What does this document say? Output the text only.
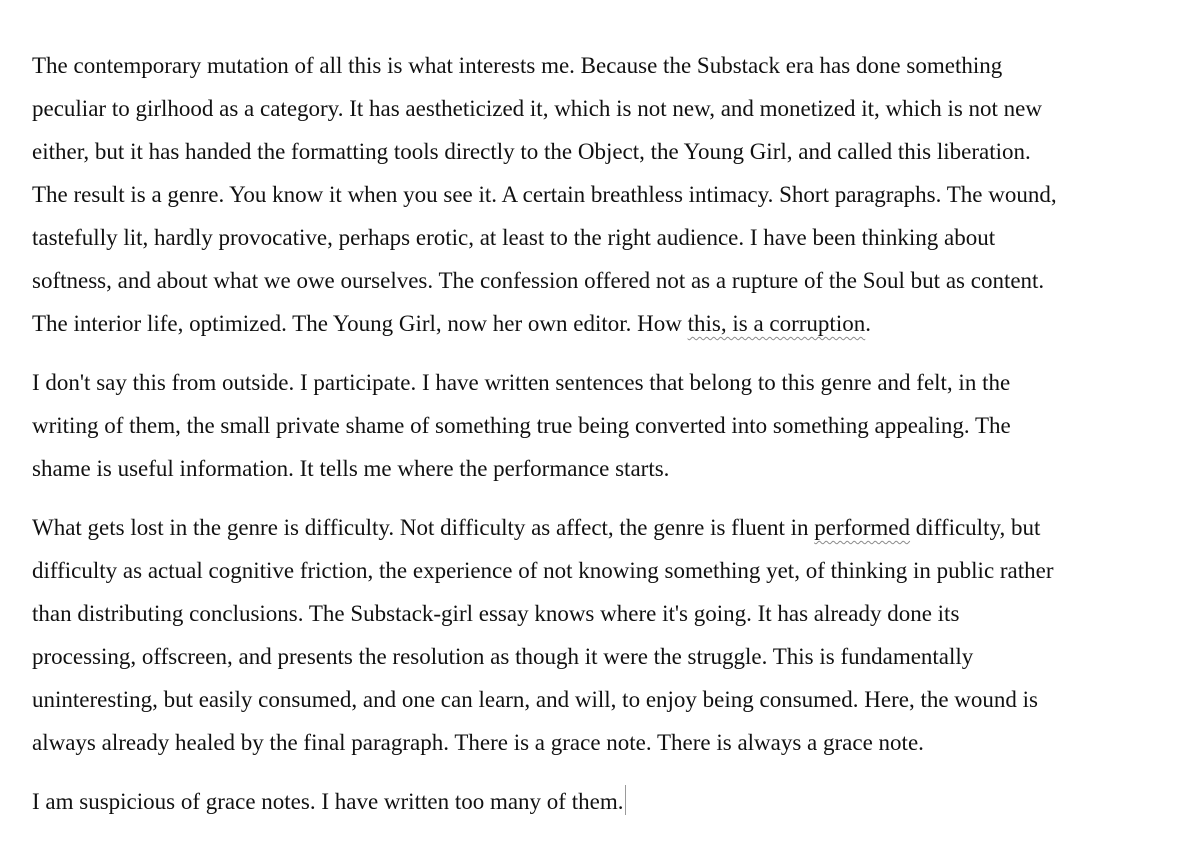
The contemporary mutation of all this is what interests me. Because the Substack era has done something
peculiar to girlhood as a category. It has aestheticized it, which is not new, and monetized it, which is not new
either, but it has handed the formatting tools directly to the Object, the Young Girl, and called this liberation.
The result is a genre. You know it when you see it. A certain breathless intimacy. Short paragraphs. The wound,
tastefully lit, hardly provocative, perhaps erotic, at least to the right audience. I have been thinking about
softness, and about what we owe ourselves. The confession offered not as a rupture of the Soul but as content.
The interior life, optimized. The Young Girl, now her own editor. How this, is a corruption.

I don't say this from outside. I participate. I have written sentences that belong to this genre and felt, in the
writing of them, the small private shame of something true being converted into something appealing. The
shame is useful information. It tells me where the performance starts.

What gets lost in the genre is difficulty. Not difficulty as affect, the genre is fluent in performed difficulty, but
difficulty as actual cognitive friction, the experience of not knowing something yet, of thinking in public rather
than distributing conclusions. The Substack-girl essay knows where it's going. It has already done its
processing, offscreen, and presents the resolution as though it were the struggle. This is fundamentally
uninteresting, but easily consumed, and one can learn, and will, to enjoy being consumed. Here, the wound is
always already healed by the final paragraph. There is a grace note. There is always a grace note.

I am suspicious of grace notes. I have written too many of them.
